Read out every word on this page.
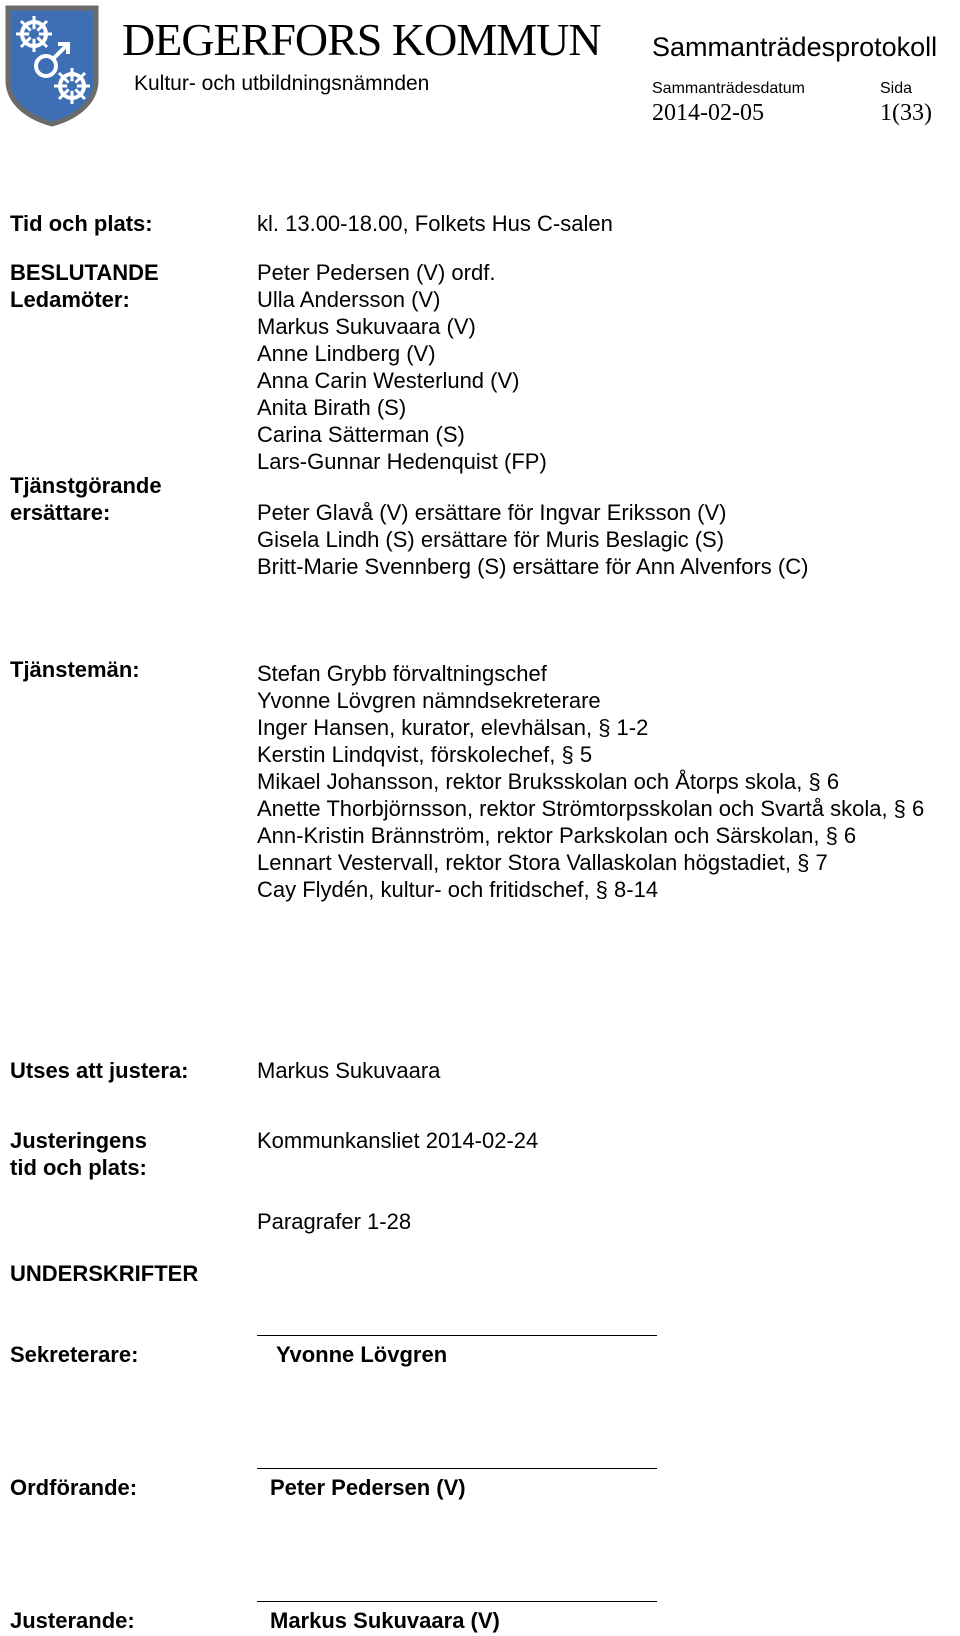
DEGERFORS KOMMUN
Kultur- och utbildningsnämnden
Sammanträdesprotokoll
Sammanträdesdatum	Sida
2014-02-05	1(33)
Tid och plats:	kl. 13.00-18.00, Folkets Hus C-salen
BESLUTANDE
Ledamöter:
Peter Pedersen (V) ordf.
Ulla Andersson (V)
Markus Sukuvaara (V)
Anne Lindberg (V)
Anna Carin Westerlund (V)
Anita Birath (S)
Carina Sätterman (S)
Lars-Gunnar Hedenquist (FP)
Tjänstgörande
ersättare:	Peter Glavå (V) ersättare för Ingvar Eriksson (V)
Gisela Lindh (S) ersättare för Muris Beslagic (S)
Britt-Marie Svennberg (S) ersättare för Ann Alvenfors (C)
Tjänstemän:	Stefan Grybb förvaltningschef
Yvonne Lövgren nämndsekreterare
Inger Hansen, kurator, elevhälsan, § 1-2
Kerstin Lindqvist, förskolechef, § 5
Mikael Johansson, rektor Bruksskolan och Åtorps skola, § 6
Anette Thorbjörnsson, rektor Strömtorpsskolan och Svartå skola, § 6
Ann-Kristin Brännström, rektor Parkskolan och Särskolan, § 6
Lennart Vestervall, rektor Stora Vallaskolan högstadiet, § 7
Cay Flydén, kultur- och fritidschef, § 8-14
Utses att justera:	Markus Sukuvaara
Justeringens
tid och plats:
Kommunkansliet 2014-02-24
Paragrafer 1-28
UNDERSKRIFTER
Sekreterare:	Yvonne Lövgren
Ordförande:	Peter Pedersen (V)
Justerande:	Markus Sukuvaara (V)
